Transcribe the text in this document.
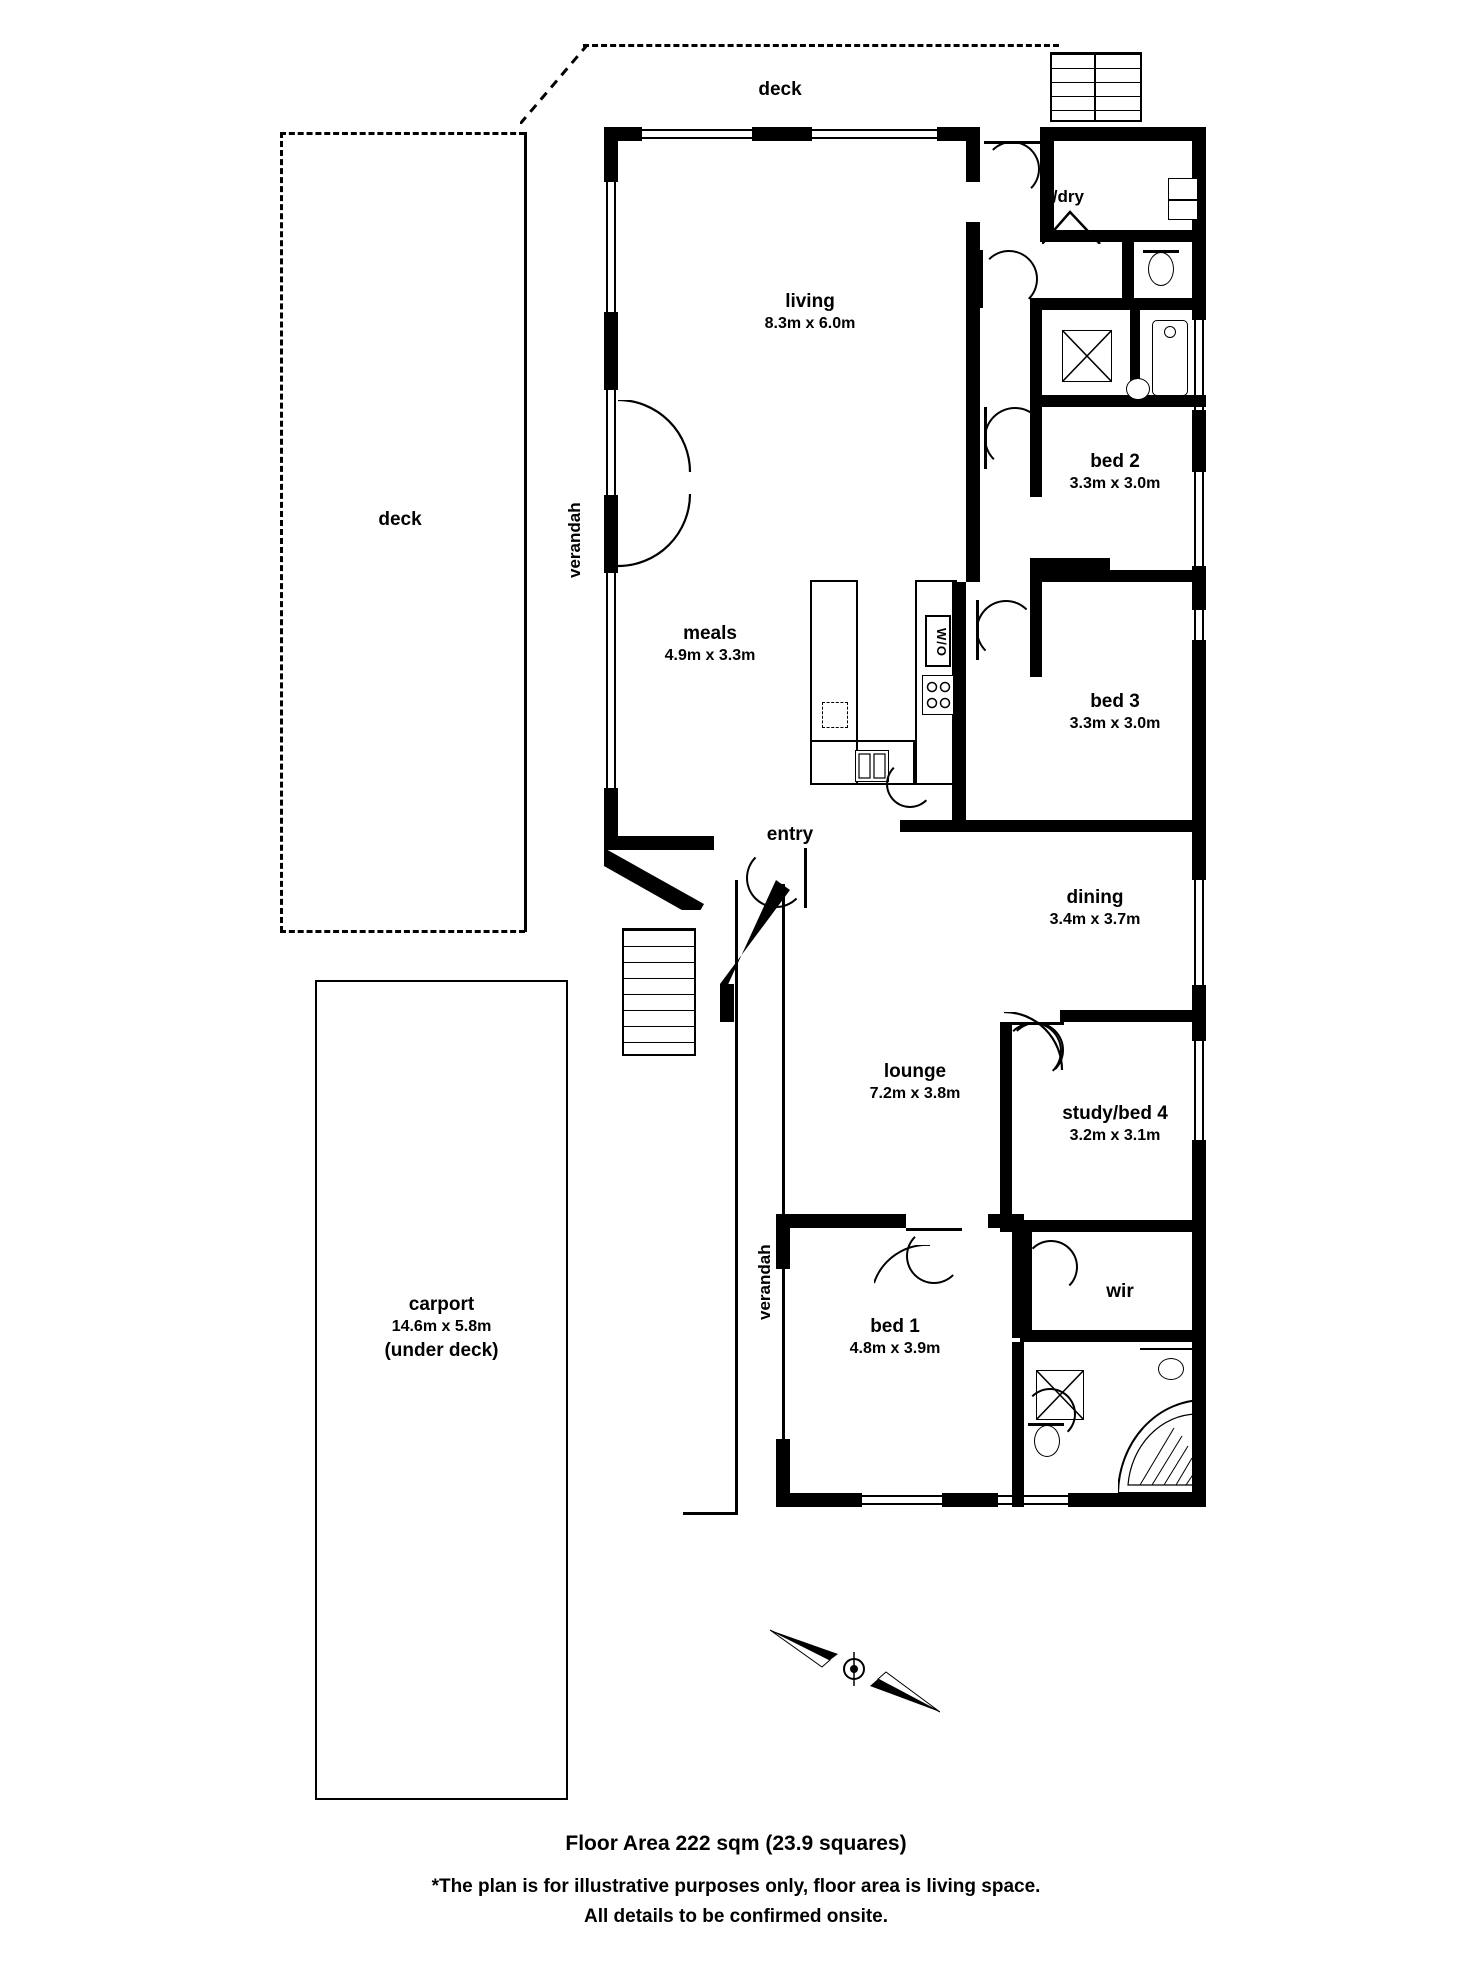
W/O
deck
deck
living
8.3m x 6.0m
meals
4.9m x 3.3m
entry
l/dry
bed 2
3.3m x 3.0m
bed 3
3.3m x 3.0m
dining
3.4m x 3.7m
lounge
7.2m x 3.8m
study/bed 4
3.2m x 3.1m
wir
bed 1
4.8m x 3.9m
carport
14.6m x 5.8m
(under deck)
verandah
verandah
Floor Area 222 sqm (23.9 squares)
*The plan is for illustrative purposes only, floor area is living space.
All details to be confirmed onsite.
